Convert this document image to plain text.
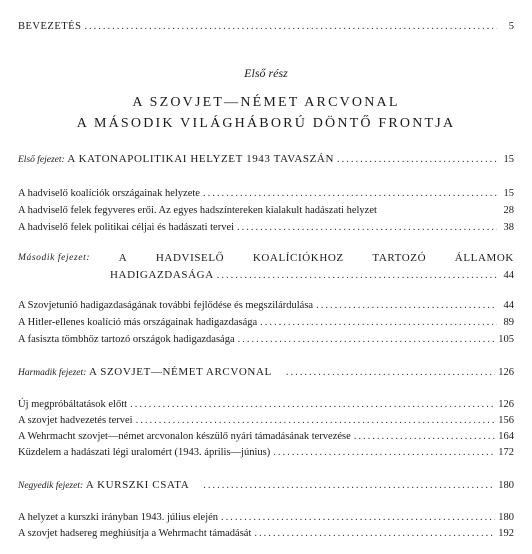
BEVEZETÉS .....	5
Első rész
A SZOVJET—NÉMET ARCVONAL
A MÁSODIK VILÁGHÁBORÚ DÖNTŐ FRONTJA
Első fejezet: A KATONAPOLITIKAI HELYZET 1943 TAVASZÁN .....	15
A hadviselő koalíciók országainak helyzete .....	15
A hadviselő felek fegyveres erői. Az egyes hadszíntereken kialakult hadászati helyzet	28
A hadviselő felek politikai céljai és hadászati tervei .....	38
Második fejezet:	A	HADVISELŐ	KOALÍCIÓKHOZ	TARTOZÓ	ÁLLAMOK
HADIGAZDASÁGA .....	44
A Szovjetunió hadigazdaságának további fejlődése és megszilárdulása .....	44
A Hitler-ellenes koalíció más országainak hadigazdasága .....	89
A fasiszta tömbhöz tartozó országok hadigazdasága .....	105
Harmadik fejezet: A SZOVJET—NÉMET ARCVONAL .....	126
Új megpróbáltatások előtt .....	126
A szovjet hadvezetés tervei .....	156
A Wehrmacht szovjet—német arcvonalon készülő nyári támadásának tervezése .....	164
Küzdelem a hadászati légi uralomért (1943. április—június) .....	172
Negyedik fejezet: A KURSZKI CSATA .....	180
A helyzet a kurszki irányban 1943. július elején .....	180
A szovjet hadsereg meghiúsítja a Wehrmacht támadását .....	192
